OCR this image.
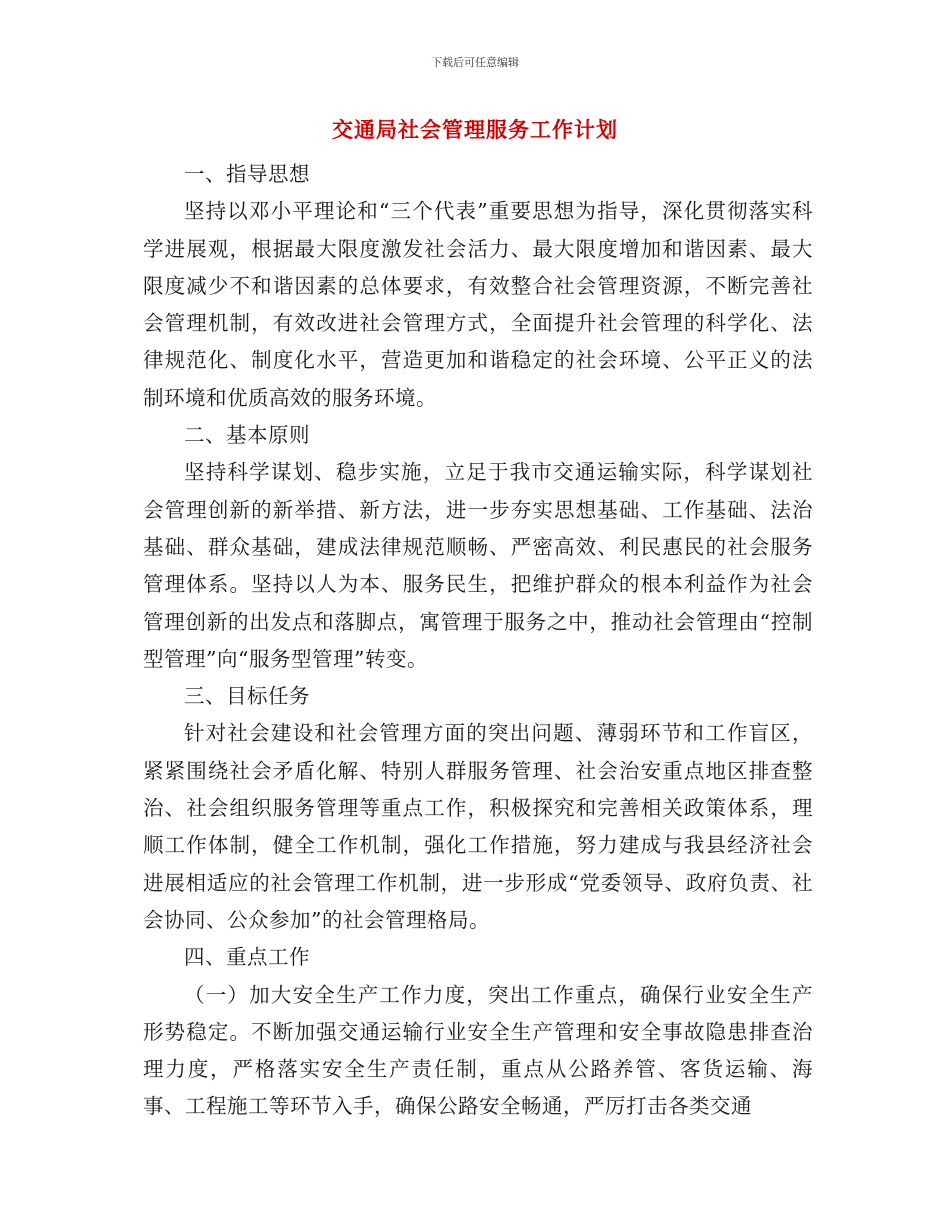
下载后可任意编辑
交通局社会管理服务工作计划

一、指导思想

坚持以邓小平理论和“三个代表”重要思想为指导，深化贯彻落实科学进展观，根据最大限度激发社会活力、最大限度增加和谐因素、最大限度减少不和谐因素的总体要求，有效整合社会管理资源，不断完善社会管理机制，有效改进社会管理方式，全面提升社会管理的科学化、法律规范化、制度化水平，营造更加和谐稳定的社会环境、公平正义的法制环境和优质高效的服务环境。

二、基本原则

坚持科学谋划、稳步实施，立足于我市交通运输实际，科学谋划社会管理创新的新举措、新方法，进一步夯实思想基础、工作基础、法治基础、群众基础，建成法律规范顺畅、严密高效、利民惠民的社会服务管理体系。坚持以人为本、服务民生，把维护群众的根本利益作为社会管理创新的出发点和落脚点，寓管理于服务之中，推动社会管理由“控制型管理”向“服务型管理”转变。

三、目标任务

针对社会建设和社会管理方面的突出问题、薄弱环节和工作盲区，紧紧围绕社会矛盾化解、特别人群服务管理、社会治安重点地区排查整治、社会组织服务管理等重点工作，积极探究和完善相关政策体系，理顺工作体制，健全工作机制，强化工作措施，努力建成与我县经济社会进展相适应的社会管理工作机制，进一步形成“党委领导、政府负责、社会协同、公众参加”的社会管理格局。

四、重点工作

（一）加大安全生产工作力度，突出工作重点，确保行业安全生产形势稳定。不断加强交通运输行业安全生产管理和安全事故隐患排查治理力度，严格落实安全生产责任制，重点从公路养管、客货运输、海事、工程施工等环节入手，确保公路安全畅通，严厉打击各类交通
